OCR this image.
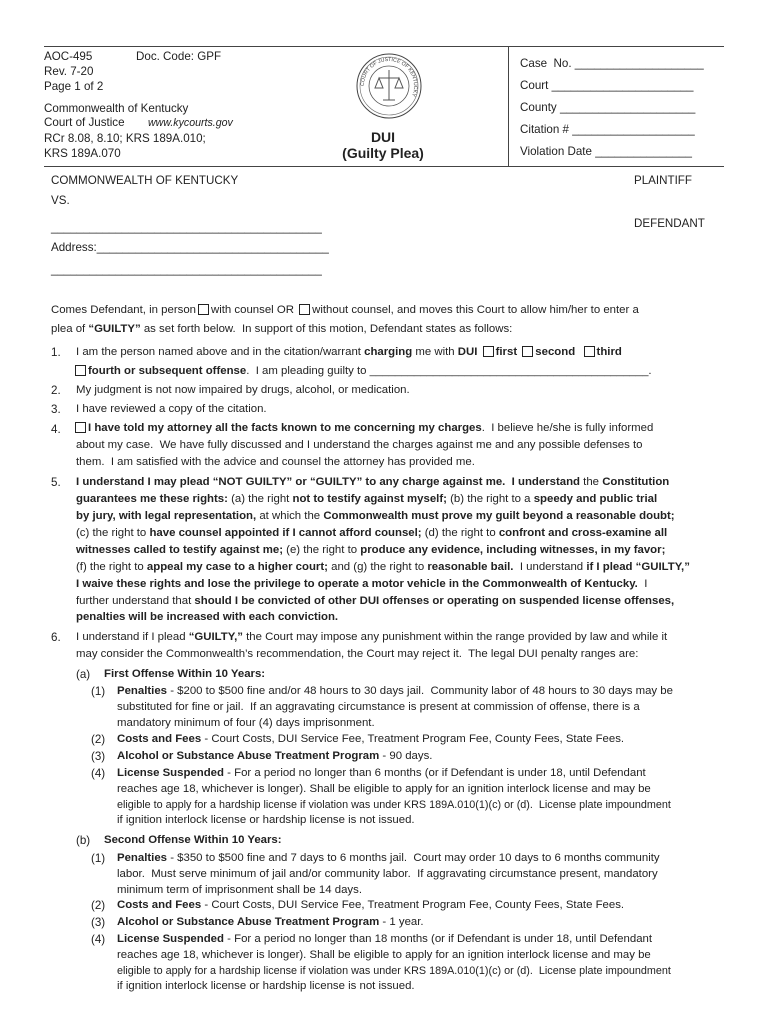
AOC-495	Doc. Code: GPF
Rev. 7-20
Page 1 of 2
Commonwealth of Kentucky
Court of Justice www.kycourts.gov
RCr 8.08, 8.10; KRS 189A.010;
KRS 189A.070
COURT OF JUSTICE OF KENTUCKY
DUI
(Guilty Plea)
Case  No. ____________________
Court ______________________
County _____________________
Citation # ___________________
Violation Date _______________
COMMONWEALTH OF KENTUCKY	PLAINTIFF
VS.
__________________________________________	DEFENDANT
Address:____________________________________
__________________________________________
Comes Defendant, in person with counsel OR without counsel, and moves this Court to allow him/her to enter a
plea of “GUILTY” as set forth below.  In support of this motion, Defendant states as follows:
1. I am the person named above and in the citation/warrant charging me with DUI first second third
fourth or subsequent offense.  I am pleading guilty to ____________________________________________.
2. My judgment is not now impaired by drugs, alcohol, or medication.
3. I have reviewed a copy of the citation.
4.	I have told my attorney all the facts known to me concerning my charges.  I believe he/she is fully informed
about my case.  We have fully discussed and I understand the charges against me and any possible defenses to
them.  I am satisfied with the advice and counsel the attorney has provided me.
5. I understand I may plead “NOT GUILTY” or “GUILTY” to any charge against me.  I understand the Constitution
guarantees me these rights: (a) the right not to testify against myself; (b) the right to a speedy and public trial
by jury, with legal representation, at which the Commonwealth must prove my guilt beyond a reasonable doubt;
(c) the right to have counsel appointed if I cannot afford counsel; (d) the right to confront and cross-examine all
witnesses called to testify against me; (e) the right to produce any evidence, including witnesses, in my favor;
(f) the right to appeal my case to a higher court; and (g) the right to reasonable bail.  I understand if I plead “GUILTY,”
I waive these rights and lose the privilege to operate a motor vehicle in the Commonwealth of Kentucky.  I
further understand that should I be convicted of other DUI offenses or operating on suspended license offenses,
penalties will be increased with each conviction.
6. I understand if I plead “GUILTY,” the Court may impose any punishment within the range provided by law and while it
may consider the Commonwealth’s recommendation, the Court may reject it.  The legal DUI penalty ranges are:
(a) First Offense Within 10 Years:
(1) Penalties - $200 to $500 fine and/or 48 hours to 30 days jail.  Community labor of 48 hours to 30 days may be
substituted for fine or jail.  If an aggravating circumstance is present at commission of offense, there is a
mandatory minimum of four (4) days imprisonment.
(2) Costs and Fees - Court Costs, DUI Service Fee, Treatment Program Fee, County Fees, State Fees.
(3) Alcohol or Substance Abuse Treatment Program - 90 days.
(4) License Suspended - For a period no longer than 6 months (or if Defendant is under 18, until Defendant
reaches age 18, whichever is longer). Shall be eligible to apply for an ignition interlock license and may be
eligible to apply for a hardship license if violation was under KRS 189A.010(1)(c) or (d).  License plate impoundment
if ignition interlock license or hardship license is not issued.
(b) Second Offense Within 10 Years:
(1) Penalties - $350 to $500 fine and 7 days to 6 months jail.  Court may order 10 days to 6 months community
labor.  Must serve minimum of jail and/or community labor.  If aggravating circumstance present, mandatory
minimum term of imprisonment shall be 14 days.
(2) Costs and Fees - Court Costs, DUI Service Fee, Treatment Program Fee, County Fees, State Fees.
(3) Alcohol or Substance Abuse Treatment Program - 1 year.
(4) License Suspended - For a period no longer than 18 months (or if Defendant is under 18, until Defendant
reaches age 18, whichever is longer). Shall be eligible to apply for an ignition interlock license and may be
eligible to apply for a hardship license if violation was under KRS 189A.010(1)(c) or (d).  License plate impoundment
if ignition interlock license or hardship license is not issued.
